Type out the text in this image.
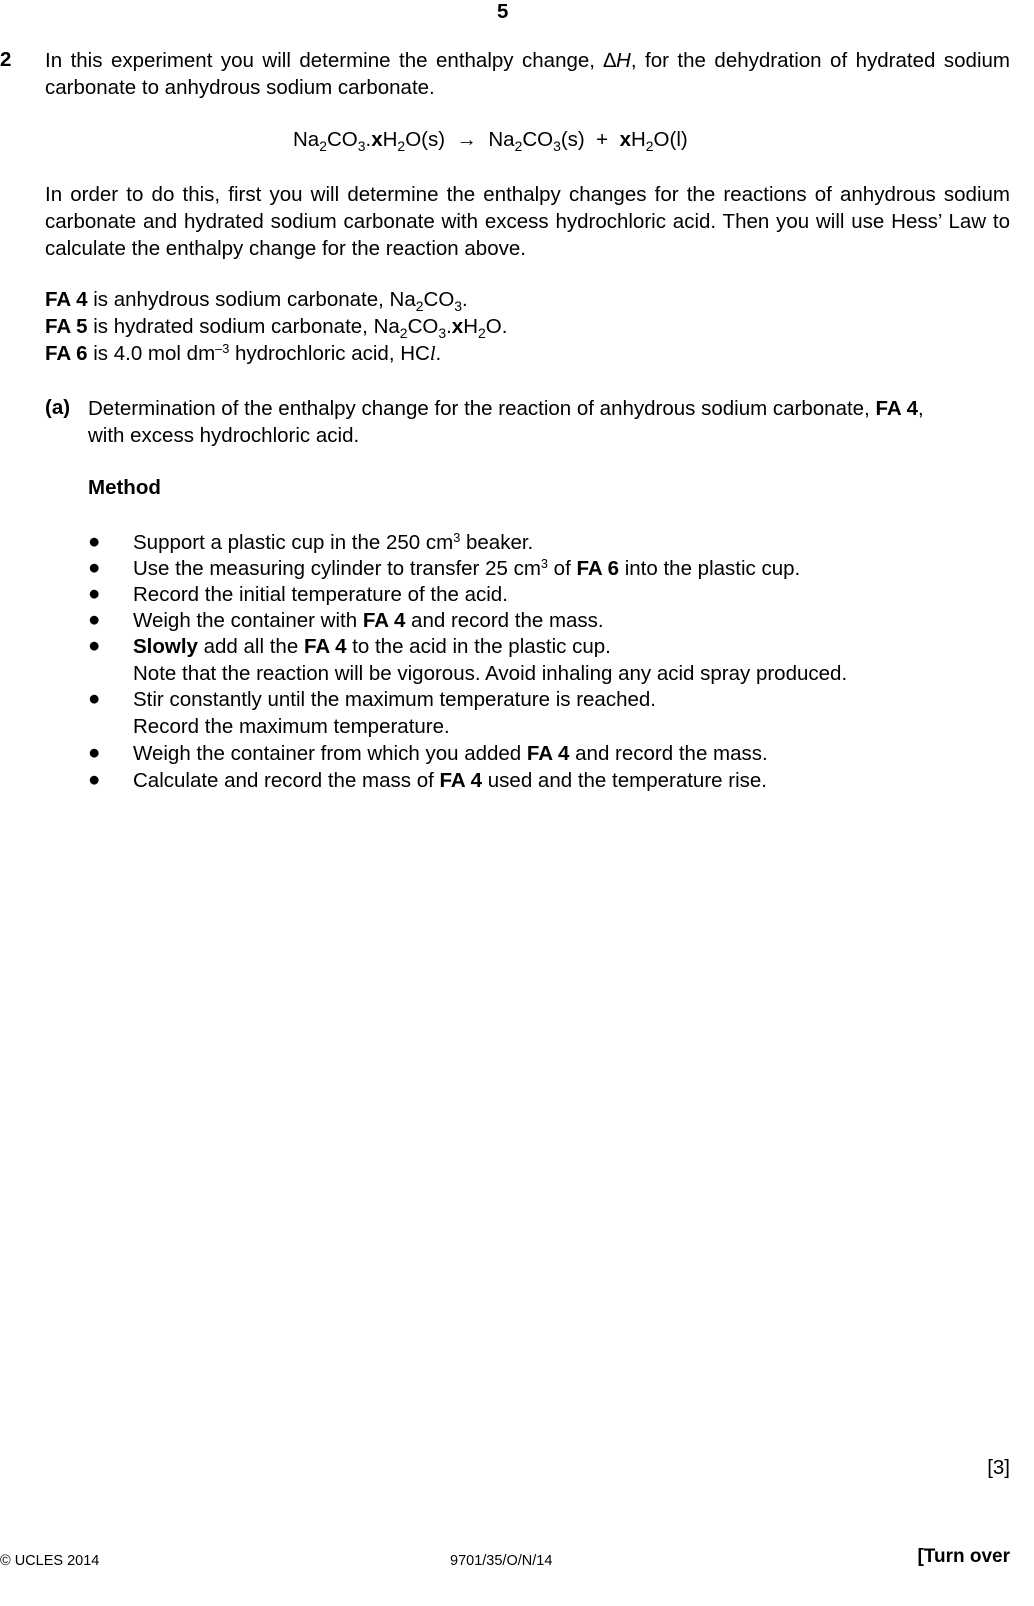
5
2 In this experiment you will determine the enthalpy change, ∆H, for the dehydration of hydrated sodium carbonate to anhydrous sodium carbonate.
$Na_2CO_3.xH_2O(s) \to Na_2CO_3(s) + xH_2O(l)$
In order to do this, first you will determine the enthalpy changes for the reactions of anhydrous sodium carbonate and hydrated sodium carbonate with excess hydrochloric acid. Then you will use Hess’ Law to calculate the enthalpy change for the reaction above.
FA 4 is anhydrous sodium carbonate, $Na_2CO_3$.
FA 5 is hydrated sodium carbonate, $Na_2CO_3.xH_2O$.
FA 6 is 4.0 mol $dm^{-3}$ hydrochloric acid, HCl.
(a) Determination of the enthalpy change for the reaction of anhydrous sodium carbonate, FA 4,
with excess hydrochloric acid.
Method
●	Support a plastic cup in the 250 $cm^3$ beaker.
●	Use the measuring cylinder to transfer 25 $cm^3$ of FA 6 into the plastic cup.
●	Record the initial temperature of the acid.
●	Weigh the container with FA 4 and record the mass.
●	Slowly add all the FA 4 to the acid in the plastic cup.
Note that the reaction will be vigorous. Avoid inhaling any acid spray produced.
●	Stir constantly until the maximum temperature is reached.
Record the maximum temperature.
●	Weigh the container from which you added FA 4 and record the mass.
●	Calculate and record the mass of FA 4 used and the temperature rise.
[3]
© UCLES 2014	9701/35/O/N/14	[Turn over
